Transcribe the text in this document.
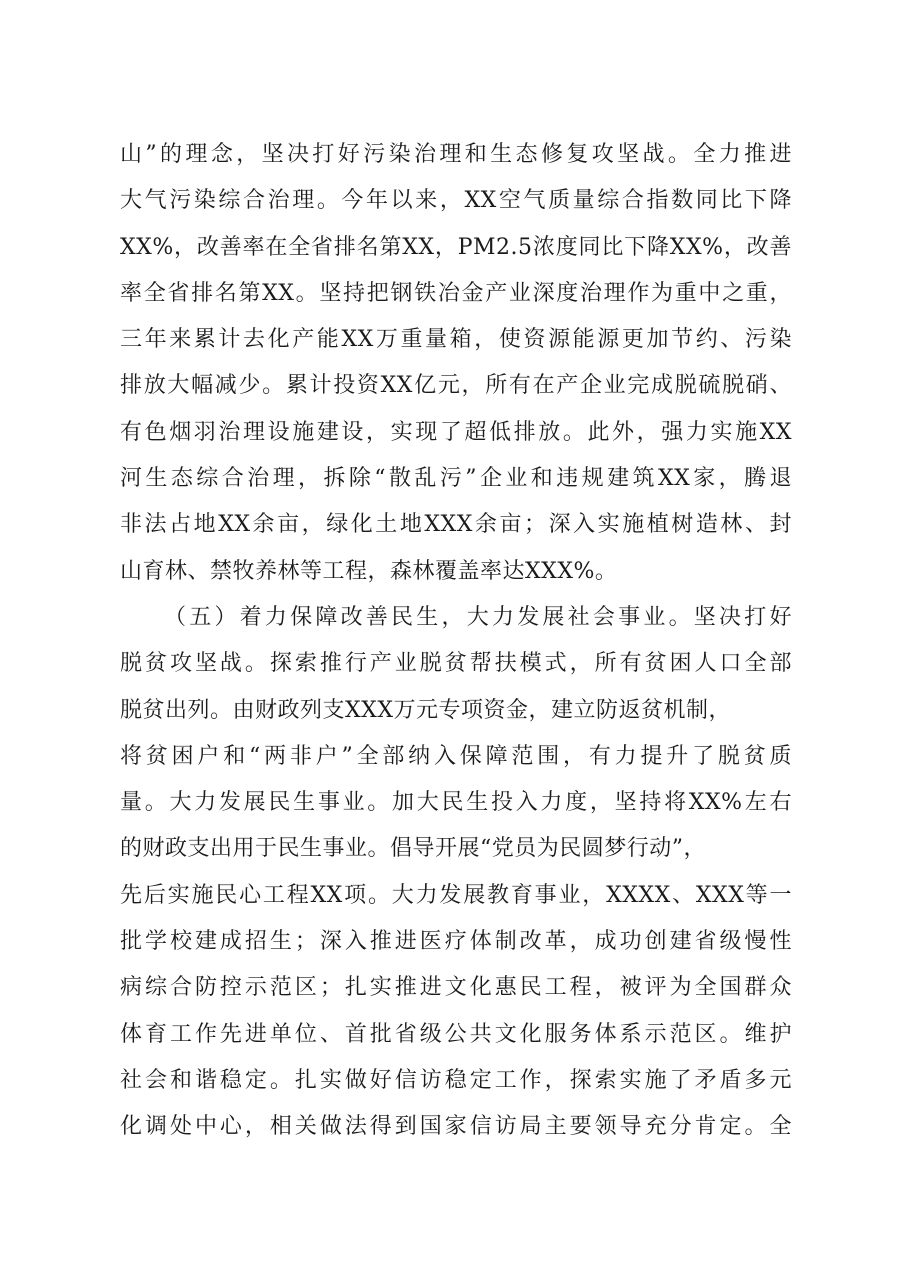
山”的理念，坚决打好污染治理和生态修复攻坚战。全力推进
大气污染综合治理。今年以来，XX空气质量综合指数同比下降
XX%，改善率在全省排名第XX，PM2.5浓度同比下降XX%，改善
率全省排名第XX。坚持把钢铁冶金产业深度治理作为重中之重，
三年来累计去化产能XX万重量箱，使资源能源更加节约、污染
排放大幅减少。累计投资XX亿元，所有在产企业完成脱硫脱硝、
有色烟羽治理设施建设，实现了超低排放。此外，强力实施XX
河生态综合治理，拆除“散乱污”企业和违规建筑XX家，腾退
非法占地XX余亩，绿化土地XXX余亩；深入实施植树造林、封
山育林、禁牧养林等工程，森林覆盖率达XXX%。
（五）着力保障改善民生，大力发展社会事业。坚决打好
脱贫攻坚战。探索推行产业脱贫帮扶模式，所有贫困人口全部
脱贫出列。由财政列支XXX万元专项资金，建立防返贫机制，
将贫困户和“两非户”全部纳入保障范围，有力提升了脱贫质
量。大力发展民生事业。加大民生投入力度，坚持将XX%左右
的财政支出用于民生事业。倡导开展“党员为民圆梦行动”，
先后实施民心工程XX项。大力发展教育事业，XXXX、XXX等一
批学校建成招生；深入推进医疗体制改革，成功创建省级慢性
病综合防控示范区；扎实推进文化惠民工程，被评为全国群众
体育工作先进单位、首批省级公共文化服务体系示范区。维护
社会和谐稳定。扎实做好信访稳定工作，探索实施了矛盾多元
化调处中心，相关做法得到国家信访局主要领导充分肯定。全
